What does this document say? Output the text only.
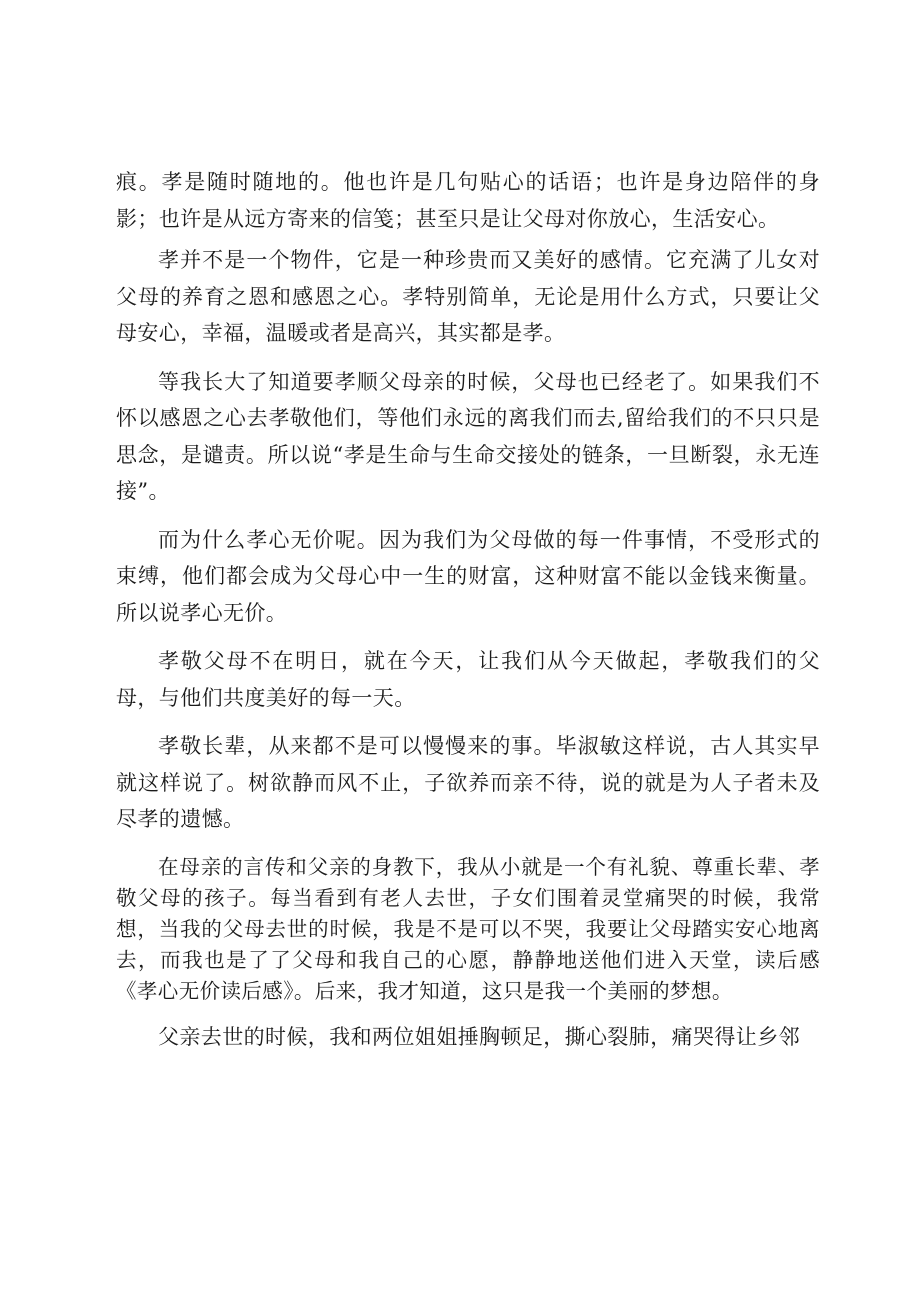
痕。孝是随时随地的。他也许是几句贴心的话语；也许是身边陪伴的身影；也许是从远方寄来的信笺；甚至只是让父母对你放心，生活安心。

孝并不是一个物件，它是一种珍贵而又美好的感情。它充满了儿女对父母的养育之恩和感恩之心。孝特别简单，无论是用什么方式，只要让父母安心，幸福，温暖或者是高兴，其实都是孝。

等我长大了知道要孝顺父母亲的时候，父母也已经老了。如果我们不怀以感恩之心去孝敬他们，等他们永远的离我们而去,留给我们的不只只是思念，是谴责。所以说“孝是生命与生命交接处的链条，一旦断裂，永无连接”。

而为什么孝心无价呢。因为我们为父母做的每一件事情，不受形式的束缚，他们都会成为父母心中一生的财富，这种财富不能以金钱来衡量。所以说孝心无价。

孝敬父母不在明日，就在今天，让我们从今天做起，孝敬我们的父母，与他们共度美好的每一天。

孝敬长辈，从来都不是可以慢慢来的事。毕淑敏这样说，古人其实早就这样说了。树欲静而风不止，子欲养而亲不待，说的就是为人子者未及尽孝的遗憾。

在母亲的言传和父亲的身教下，我从小就是一个有礼貌、尊重长辈、孝敬父母的孩子。每当看到有老人去世，子女们围着灵堂痛哭的时候，我常想，当我的父母去世的时候，我是不是可以不哭，我要让父母踏实安心地离去，而我也是了了父母和我自己的心愿，静静地送他们进入天堂，读后感《孝心无价读后感》。后来，我才知道，这只是我一个美丽的梦想。

父亲去世的时候，我和两位姐姐捶胸顿足，撕心裂肺，痛哭得让乡邻
